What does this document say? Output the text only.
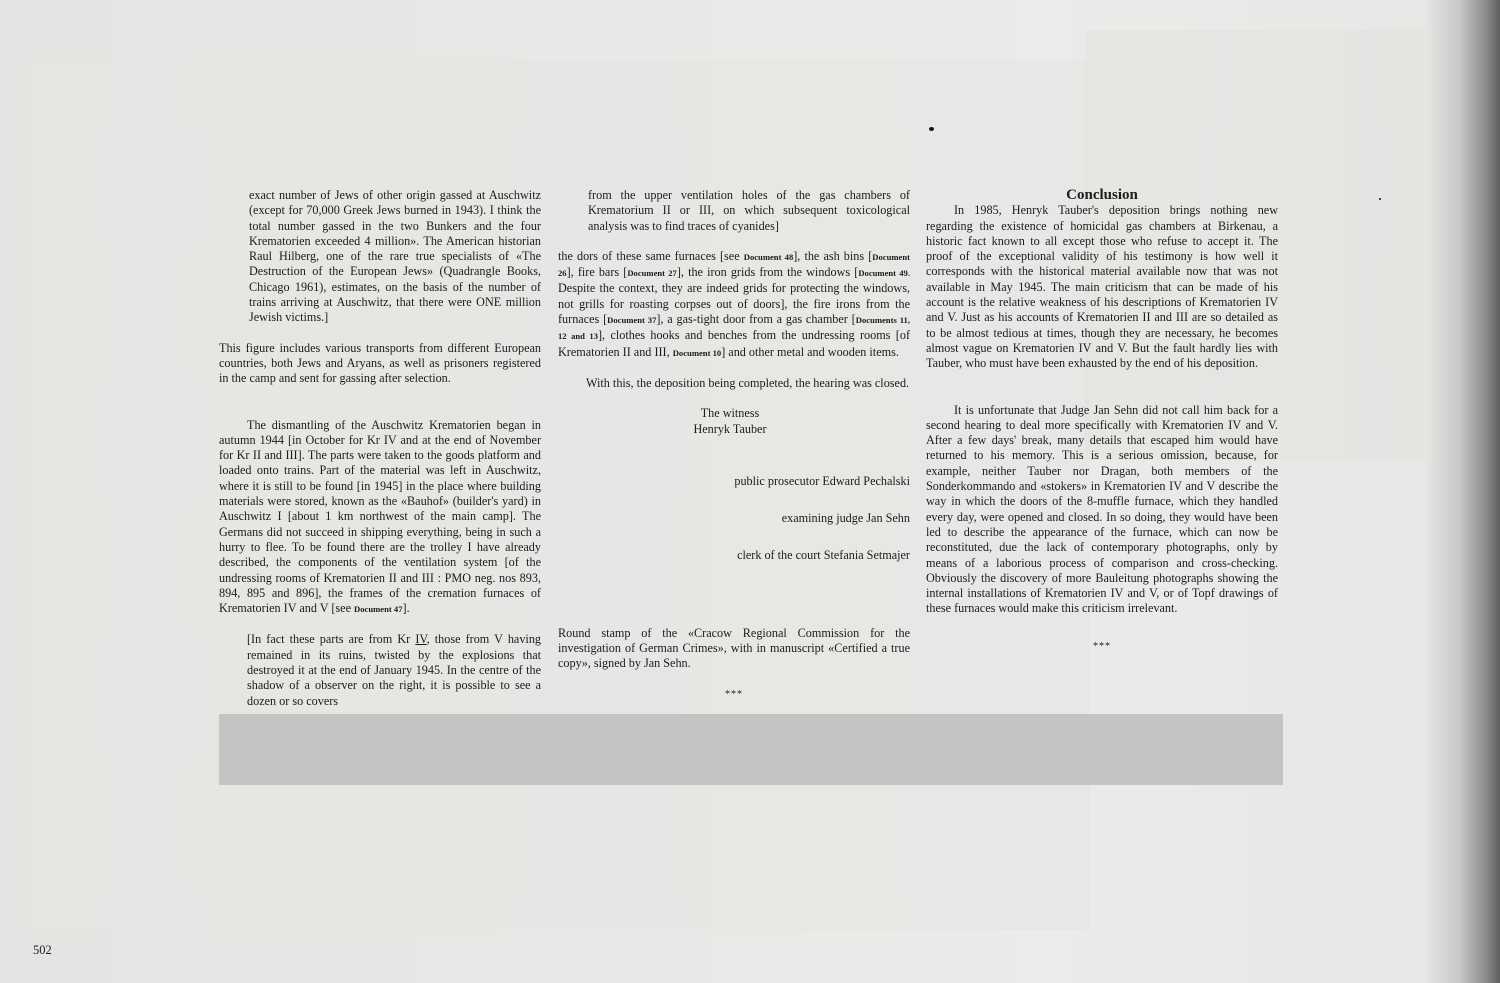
exact number of Jews of other origin gassed at Auschwitz (except for 70,000 Greek Jews burned in 1943). I think the total number gassed in the two Bunkers and the four Krematorien exceeded 4 million». The American historian Raul Hilberg, one of the rare true specialists of «The Destruction of the European Jews» (Quadrangle Books, Chicago 1961), estimates, on the basis of the number of trains arriving at Auschwitz, that there were ONE million Jewish victims.]

This figure includes various transports from different European countries, both Jews and Aryans, as well as prisoners registered in the camp and sent for gassing after selection.

The dismantling of the Auschwitz Krematorien began in autumn 1944 [in October for Kr IV and at the end of November for Kr II and III]. The parts were taken to the goods platform and loaded onto trains. Part of the material was left in Auschwitz, where it is still to be found [in 1945] in the place where building materials were stored, known as the «Bauhof» (builder's yard) in Auschwitz I [about 1 km northwest of the main camp]. The Germans did not succeed in shipping everything, being in such a hurry to flee. To be found there are the trolley I have already described, the components of the ventilation system [of the undressing rooms of Krematorien II and III : PMO neg. nos 893, 894, 895 and 896], the frames of the cremation furnaces of Krematorien IV and V [see Document 47].

[In fact these parts are from Kr IV, those from V having remained in its ruins, twisted by the explosions that destroyed it at the end of January 1945. In the centre of the shadow of a observer on the right, it is possible to see a dozen or so covers

from the upper ventilation holes of the gas chambers of Krematorium II or III, on which subsequent toxicological analysis was to find traces of cyanides]

the dors of these same furnaces [see Document 48], the ash bins [Document 26], fire bars [Document 27], the iron grids from the windows [Document 49. Despite the context, they are indeed grids for protecting the windows, not grills for roasting corpses out of doors], the fire irons from the furnaces [Document 37], a gas-tight door from a gas chamber [Documents 11, 12 and 13], clothes hooks and benches from the undressing rooms [of Krematorien II and III, Document 10] and other metal and wooden items.

With this, the deposition being completed, the hearing was closed.

The witness

Henryk Tauber

public prosecutor Edward Pechalski

examining judge Jan Sehn

clerk of the court Stefania Setmajer

Round stamp of the «Cracow Regional Commission for the investigation of German Crimes», with in manuscript «Certified a true copy», signed by Jan Sehn.

***

Conclusion

In 1985, Henryk Tauber's deposition brings nothing new regarding the existence of homicidal gas chambers at Birkenau, a historic fact known to all except those who refuse to accept it. The proof of the exceptional validity of his testimony is how well it corresponds with the historical material available now that was not available in May 1945. The main criticism that can be made of his account is the relative weakness of his descriptions of Krematorien IV and V. Just as his accounts of Krematorien II and III are so detailed as to be almost tedious at times, though they are necessary, he becomes almost vague on Krematorien IV and V. But the fault hardly lies with Tauber, who must have been exhausted by the end of his deposition.

It is unfortunate that Judge Jan Sehn did not call him back for a second hearing to deal more specifically with Krematorien IV and V. After a few days' break, many details that escaped him would have returned to his memory. This is a serious omission, because, for example, neither Tauber nor Dragan, both members of the Sonderkommando and «stokers» in Krematorien IV and V describe the way in which the doors of the 8-muffle furnace, which they handled every day, were opened and closed. In so doing, they would have been led to describe the appearance of the furnace, which can now be reconstituted, due the lack of contemporary photographs, only by means of a laborious process of comparison and cross-checking. Obviously the discovery of more Bauleitung photographs showing the internal installations of Krematorien IV and V, or of Topf drawings of these furnaces would make this criticism irrelevant.

***

502
